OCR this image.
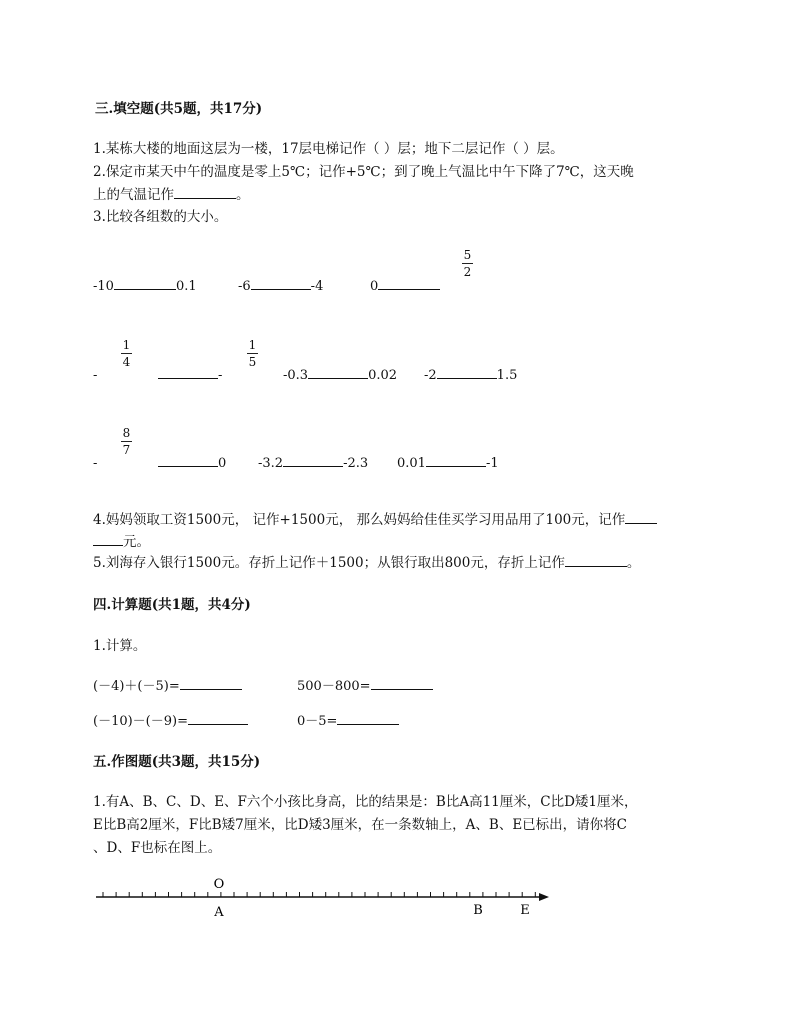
三.填空题(共5题，共17分)
1.某栋大楼的地面这层为一楼，17层电梯记作（ ）层；地下二层记作（ ）层。
2.保定市某天中午的温度是零上5℃；记作+5℃；到了晚上气温比中午下降了7℃，这天晚
上的气温记作	。
3.比较各组数的大小。
-10	0.1	-6	-4	0
5
2
-
1
4
-
1
5
-0.3	0.02 -2	1.5
-
8
7
0 -3.2	-2.3 0.01	-1
4.妈妈领取工资1500元， 记作+1500元， 那么妈妈给佳佳买学习用品用了100元，记作
元。
5.刘海存入银行1500元。存折上记作＋1500；从银行取出800元，存折上记作	。
四.计算题(共1题，共4分)
1.计算。
(－4)＋(－5)=	500－800=
(－10)－(－9)=	0－5=
五.作图题(共3题，共15分)
1.有A、B、C、D、E、F六个小孩比身高，比的结果是：B比A高11厘米，C比D矮1厘米，
E比B高2厘米，F比B矮7厘米，比D矮3厘米，在一条数轴上，A、B、E已标出，请你将C
、D、F也标在图上。
O
A	B	E
